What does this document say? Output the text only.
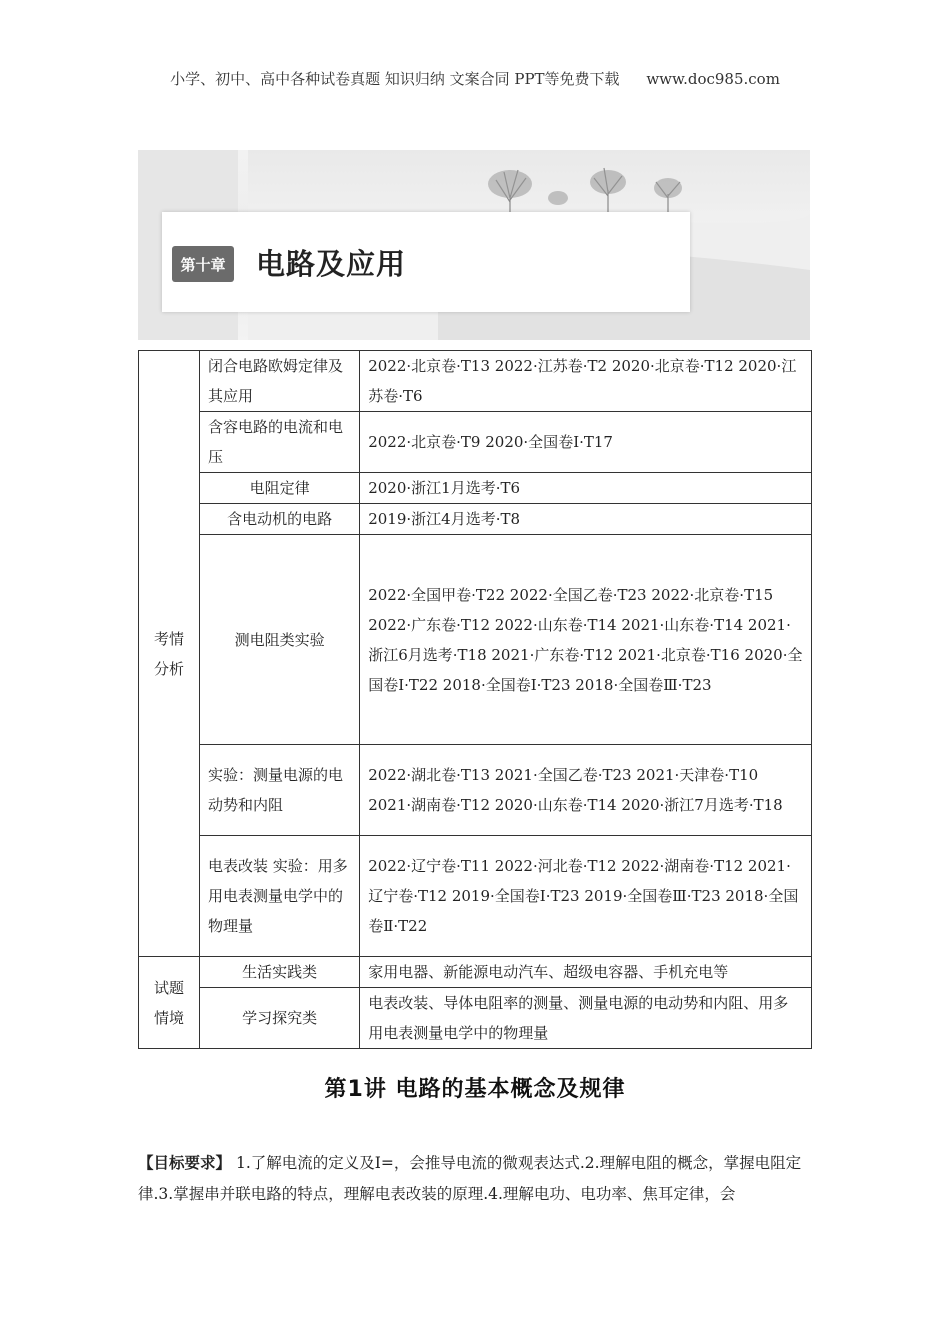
小学、初中、高中各种试卷真题 知识归纳 文案合同 PPT等免费下载 www.doc985.com
第十章 电路及应用
考情
分析	闭合电路欧姆定律及其应用	2022·北京卷·T13 2022·江苏卷·T2 2020·北京卷·T12 2020·江苏卷·T6
	含容电路的电流和电压	2022·北京卷·T9 2020·全国卷Ⅰ·T17
	电阻定律	2020·浙江1月选考·T6
	含电动机的电路	2019·浙江4月选考·T8
	测电阻类实验	2022·全国甲卷·T22 2022·全国乙卷·T23 2022·北京卷·T15 2022·广东卷·T12 2022·山东卷·T14 2021·山东卷·T14 2021·浙江6月选考·T18 2021·广东卷·T12 2021·北京卷·T16 2020·全国卷Ⅰ·T22 2018·全国卷Ⅰ·T23 2018·全国卷Ⅲ·T23
	实验：测量电源的电动势和内阻	2022·湖北卷·T13 2021·全国乙卷·T23 2021·天津卷·T10 2021·湖南卷·T12 2020·山东卷·T14 2020·浙江7月选考·T18
	电表改装 实验：用多用电表测量电学中的物理量	2022·辽宁卷·T11 2022·河北卷·T12 2022·湖南卷·T12 2021·辽宁卷·T12 2019·全国卷Ⅰ·T23 2019·全国卷Ⅲ·T23 2018·全国卷Ⅱ·T22

试题
情境	生活实践类	家用电器、新能源电动汽车、超级电容器、手机充电等
	学习探究类	电表改装、导体电阻率的测量、测量电源的电动势和内阻、用多用电表测量电学中的物理量
第1讲 电路的基本概念及规律
【目标要求】 1.了解电流的定义及I=，会推导电流的微观表达式.2.理解电阻的概念，掌握电阻定律.3.掌握串并联电路的特点，理解电表改装的原理.4.理解电功、电功率、焦耳定律，会
